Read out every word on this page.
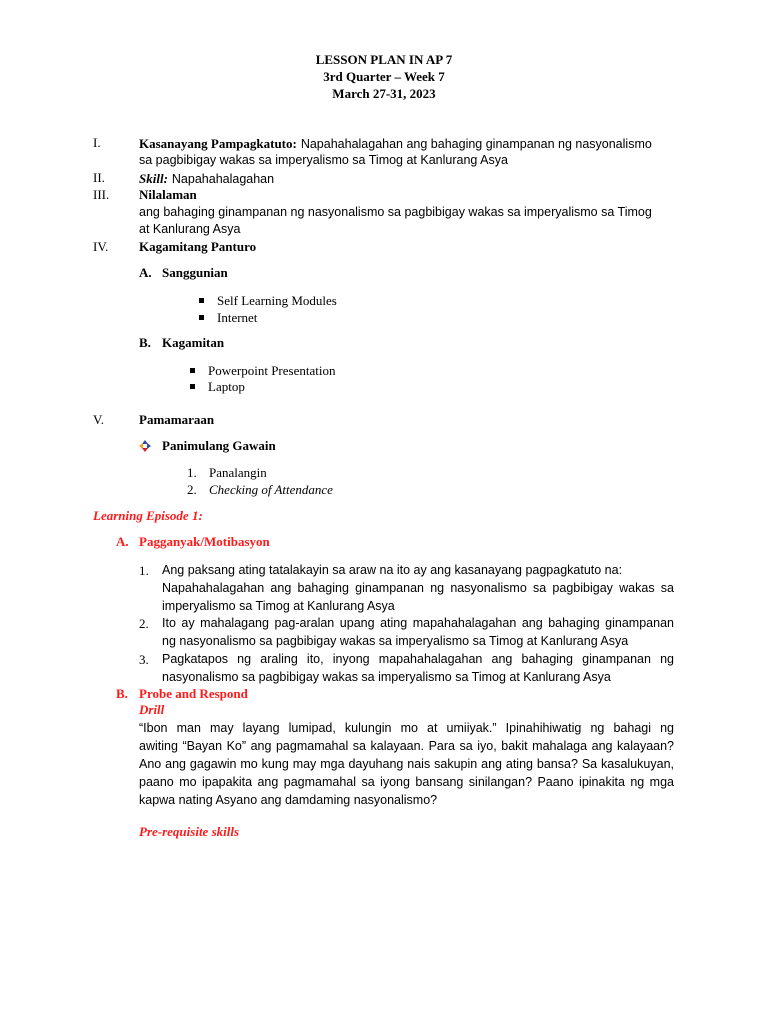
LESSON PLAN IN AP 7
3rd Quarter – Week 7
March 27-31, 2023
I.	Kasanayang Pampagkatuto: Napahahalagahan ang bahaging ginampanan ng nasyonalismo
sa pagbibigay wakas sa imperyalismo sa Timog at Kanlurang Asya
II.	Skill: Napahahalagahan
III. Nilalaman
ang bahaging ginampanan ng nasyonalismo sa pagbibigay wakas sa imperyalismo sa Timog
at Kanlurang Asya
IV. Kagamitang Panturo
A. Sanggunian
Self Learning Modules
Internet
B. Kagamitan
Powerpoint Presentation
Laptop
V.	Pamamaraan
Panimulang Gawain
1. Panalangin
2. Checking of Attendance
Learning Episode 1:
A. Pagganyak/Motibasyon
1. Ang paksang ating tatalakayin sa araw na ito ay ang kasanayang pagpagkatuto na:
Napahahalagahan ang bahaging ginampanan ng nasyonalismo sa pagbibigay wakas sa
imperyalismo sa Timog at Kanlurang Asya
2. Ito ay mahalagang pag-aralan upang ating mapahahalagahan ang bahaging ginampanan
ng nasyonalismo sa pagbibigay wakas sa imperyalismo sa Timog at Kanlurang Asya
3. Pagkatapos ng araling ito, inyong mapahahalagahan ang bahaging ginampanan ng
nasyonalismo sa pagbibigay wakas sa imperyalismo sa Timog at Kanlurang Asya
B. Probe and Respond
Drill
“Ibon man may layang lumipad, kulungin mo at umiiyak.” Ipinahihiwatig ng bahagi ng
awiting “Bayan Ko” ang pagmamahal sa kalayaan. Para sa iyo, bakit mahalaga ang kalayaan?
Ano ang gagawin mo kung may mga dayuhang nais sakupin ang ating bansa? Sa kasalukuyan,
paano mo ipapakita ang pagmamahal sa iyong bansang sinilangan? Paano ipinakita ng mga
kapwa nating Asyano ang damdaming nasyonalismo?
Pre-requisite skills
